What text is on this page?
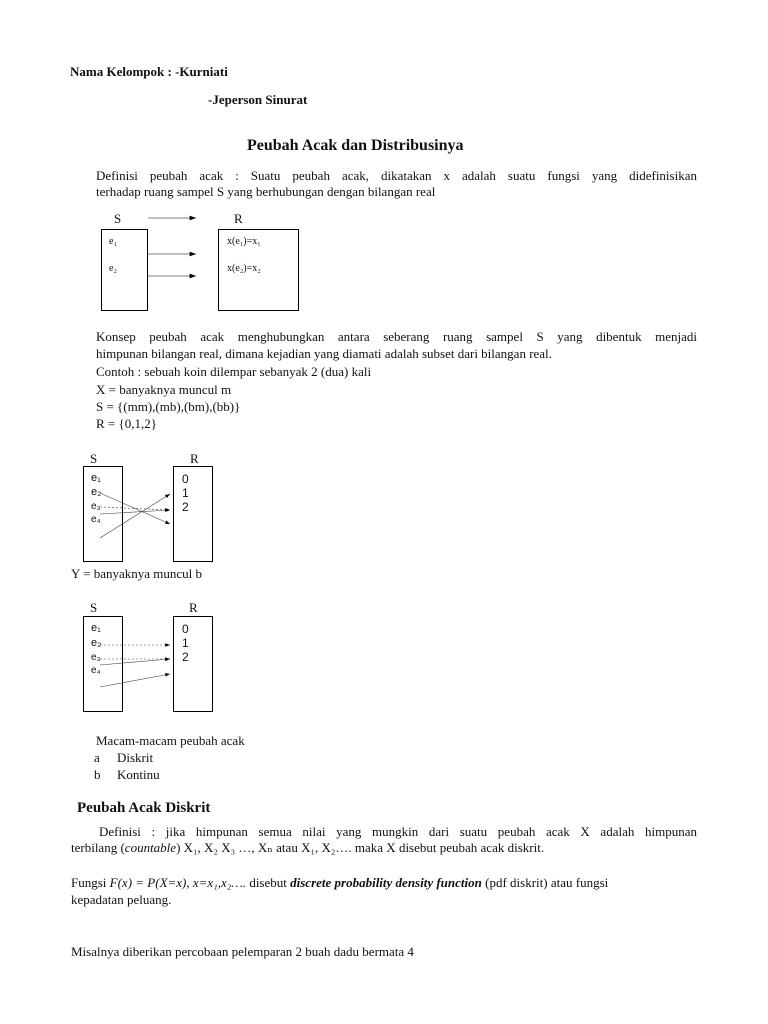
Nama Kelompok : -Kurniati
-Jeperson Sinurat
Peubah Acak dan Distribusinya
Definisi peubah acak : Suatu peubah acak, dikatakan x adalah suatu fungsi yang didefinisikan
terhadap ruang sampel S yang berhubungan dengan bilangan real
S	R
e₁
e₂
x(e₁)=x₁
x(e₂)=x₂
Konsep peubah acak menghubungkan antara seberang ruang sampel S yang dibentuk menjadi
himpunan bilangan real, dimana kejadian yang diamati adalah subset dari bilangan real.
Contoh : sebuah koin dilempar sebanyak 2 (dua) kali
X = banyaknya muncul m
S = {(mm),(mb),(bm),(bb)}
R = {0,1,2}
S	R
e₁
e₂
e₃
e₄
0
1
2
Y = banyaknya muncul b
S	R
e₁
e₂
e₃
e₄
0
1
2
Macam-macam peubah acak
a Diskrit
b Kontinu
Peubah Acak Diskrit
Definisi : jika himpunan semua nilai yang mungkin dari suatu peubah acak X adalah himpunan
terbilang (countable) X₁, X₂ X₃ …, Xₙ atau X₁, X₂…. maka X disebut peubah acak diskrit.
Fungsi F(x) = P(X=x), x=x₁,x₂…. disebut discrete probability density function (pdf diskrit) atau fungsi
kepadatan peluang.
Misalnya diberikan percobaan pelemparan 2 buah dadu bermata 4
